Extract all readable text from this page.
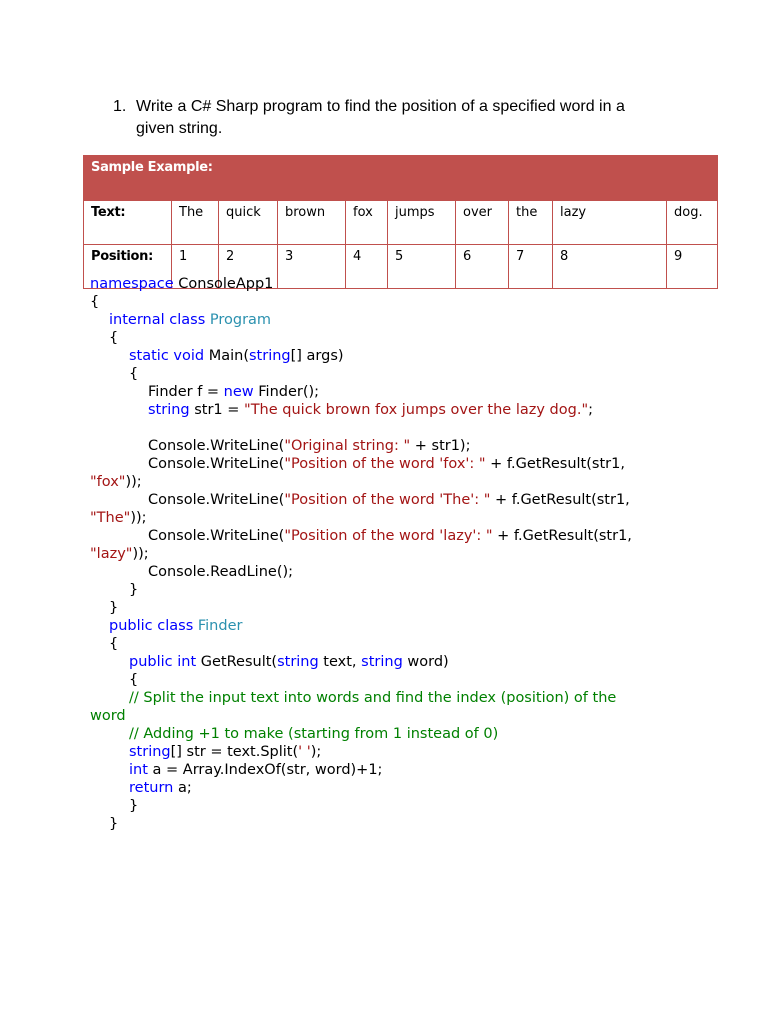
1. Write a C# Sharp program to find the position of a specified word in a given string.
Sample Example:									
Text:	The	quick	brown	fox	jumps	over	the	lazy	dog.
Position:	1	2	3	4	5	6	7	8	9
namespace ConsoleApp1
{
internal class Program
{
static void Main(string[] args)
{
Finder f = new Finder();
string str1 = "The quick brown fox jumps over the lazy dog.";
Console.WriteLine("Original string: " + str1);
Console.WriteLine("Position of the word 'fox': " + f.GetResult(str1,
"fox"));
Console.WriteLine("Position of the word 'The': " + f.GetResult(str1,
"The"));
Console.WriteLine("Position of the word 'lazy': " + f.GetResult(str1,
"lazy"));
Console.ReadLine();
}
}
public class Finder
{
public int GetResult(string text, string word)
{
// Split the input text into words and find the index (position) of the
word
// Adding +1 to make (starting from 1 instead of 0)
string[] str = text.Split(' ');
int a = Array.IndexOf(str, word)+1;
return a;
}
}
